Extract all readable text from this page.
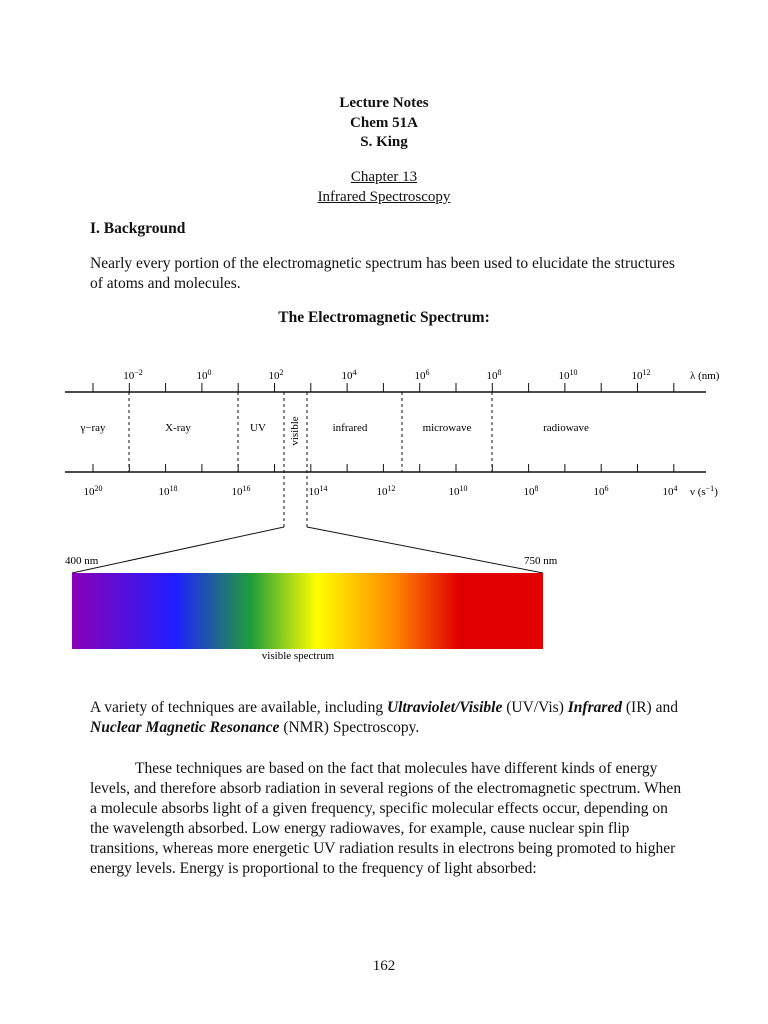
Lecture Notes
Chem 51A
S. King
Chapter 13
Infrared Spectroscopy
I. Background
Nearly every portion of the electromagnetic spectrum has been used to elucidate the structures of atoms and molecules.
The Electromagnetic Spectrum:
$10^{-2}$	$10^0$	$10^2$	$10^4$	$10^6$	$10^8$	$10^{10}$	$10^{12}$	λ (nm)
γ−ray	X-ray	UV visible	infrared	microwave	radiowave
$10^{20}$	$10^{18}$	$10^{16}$	$10^{14}$	$10^{12}$	$10^{10}$	$10^8$	$10^6$	$10^4$ ν $(s^{-1})$
400 nm	750 nm
visible spectrum

A variety of techniques are available, including Ultraviolet/Visible (UV/Vis) Infrared (IR) and Nuclear Magnetic Resonance (NMR) Spectroscopy.

These techniques are based on the fact that molecules have different kinds of energy levels, and therefore absorb radiation in several regions of the electromagnetic spectrum. When a molecule absorbs light of a given frequency, specific molecular effects occur, depending on the wavelength absorbed. Low energy radiowaves, for example, cause nuclear spin flip transitions, whereas more energetic UV radiation results in electrons being promoted to higher energy levels. Energy is proportional to the frequency of light absorbed:

162
